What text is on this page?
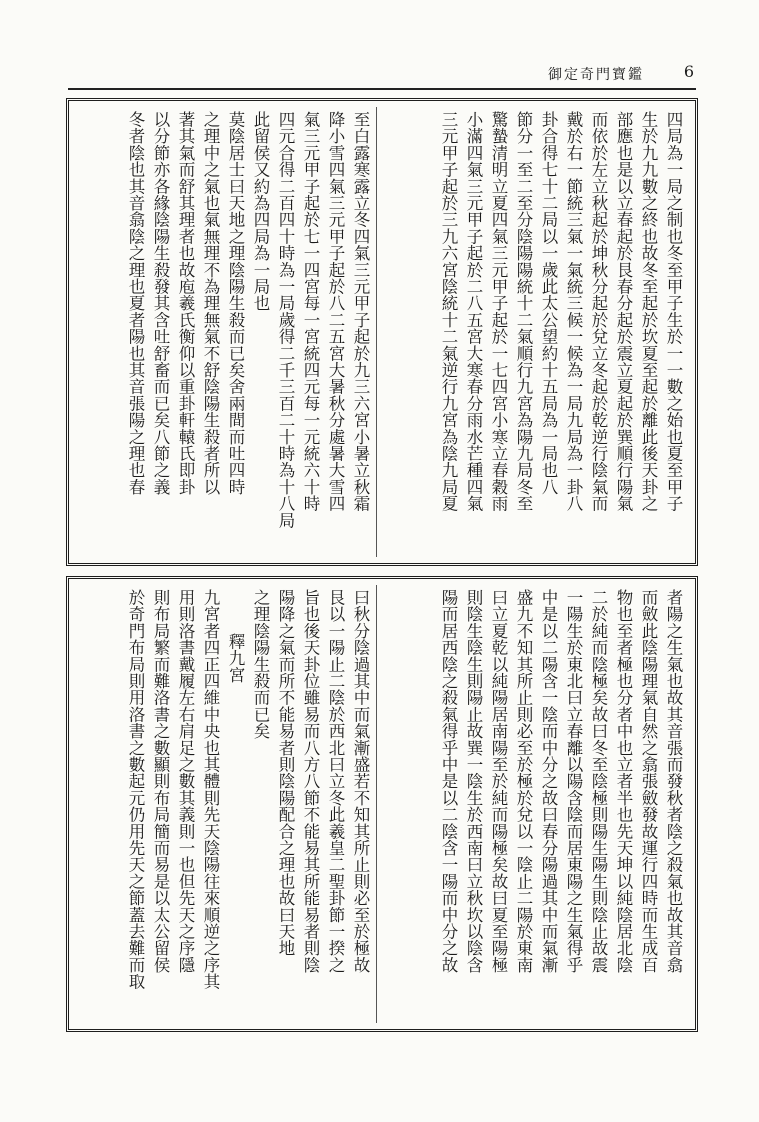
御定奇門寶鑑 6
四局為一局之制也冬至甲子生於一一數之始也夏至甲子
生於九九數之終也故冬至起於坎夏至起於離此後天卦之
部應也是以立春起於艮春分起於震立夏起於巽順行陽氣
而依於左立秋起於坤秋分起於兌立冬起於乾逆行陰氣而
戴於右一節統三氣一氣統三候一候為一局九局為一卦八
卦合得七十二局以一歲此太公望約十五局為一局也八
節分一至二至分陰陽陽統十二氣順行九宮為陽九局冬至
驚蟄清明立夏四氣三元甲子起於一七四宮小寒立春穀雨
小滿四氣三元甲子起於二八五宮大寒春分雨水芒種四氣
三元甲子起於三九六宮陰統十二氣逆行九宮為陰九局夏
至白露寒露立冬四氣三元甲子起於九三六宮小暑立秋霜
降小雪四氣三元甲子起於八二五宮大暑秋分處暑大雪四
氣三元甲子起於七一四宮每一宮統四元每一元統六十時
四元合得二百四十時為一局歲得二千三百二十時為十八局
此留侯又約為四局為一局也
莫陰居士曰天地之理陰陽生殺而已矣舍兩間而吐四時
之理中之氣也氣無理不為理無氣不舒陰陽生殺者所以
著其氣而舒其理者也故庖羲氏衡仰以重卦軒轅氏即卦
以分節亦各緣陰陽生殺發其含吐舒畜而已矣八節之義
冬者陰也其音翕陰之理也夏者陽也其音張陽之理也春
者陽之生氣也故其音張而發秋者陰之殺氣也故其音翕
而斂此陰陽理氣自然之翕張斂發故運行四時而生成百
物也至者極也分者中也立者半也先天坤以純陰居北陰
二於純而陰極矣故曰冬至陰極則陽生陽生則陰止故震
一陽生於東北曰立春離以陽含陰而居東陽之生氣得乎
中是以二陽含一陰而中分之故曰春分陽過其中而氣漸
盛九不知其所止則必至於極於兌以一陰止二陽於東南
曰立夏乾以純陽居南陽至於純而陽極矣故曰夏至陽極
則陰生陰生則陽止故巽一陰生於西南曰立秋坎以陰含
陽而居西陰之殺氣得乎中是以二陰含一陽而中分之故
曰秋分陰過其中而氣漸盛若不知其所止則必至於極故
艮以一陽止二陰於西北曰立冬此羲皇二聖卦節一揆之
旨也後天卦位雖易而八方八節不能易其所能易者則陰
陽降之氣而所不能易者則陰陽配合之理也故曰天地
之理陰陽生殺而已矣
釋九宮
九宮者四正四維中央也其體則先天陰陽往來順逆之序其
用則洛書戴履左右肩足之數其義則一也但先天之序隱
則布局繁而難洛書之數顯則布局簡而易是以太公留侯
於奇門布局則用洛書之數起元仍用先天之節蓋去難而取
